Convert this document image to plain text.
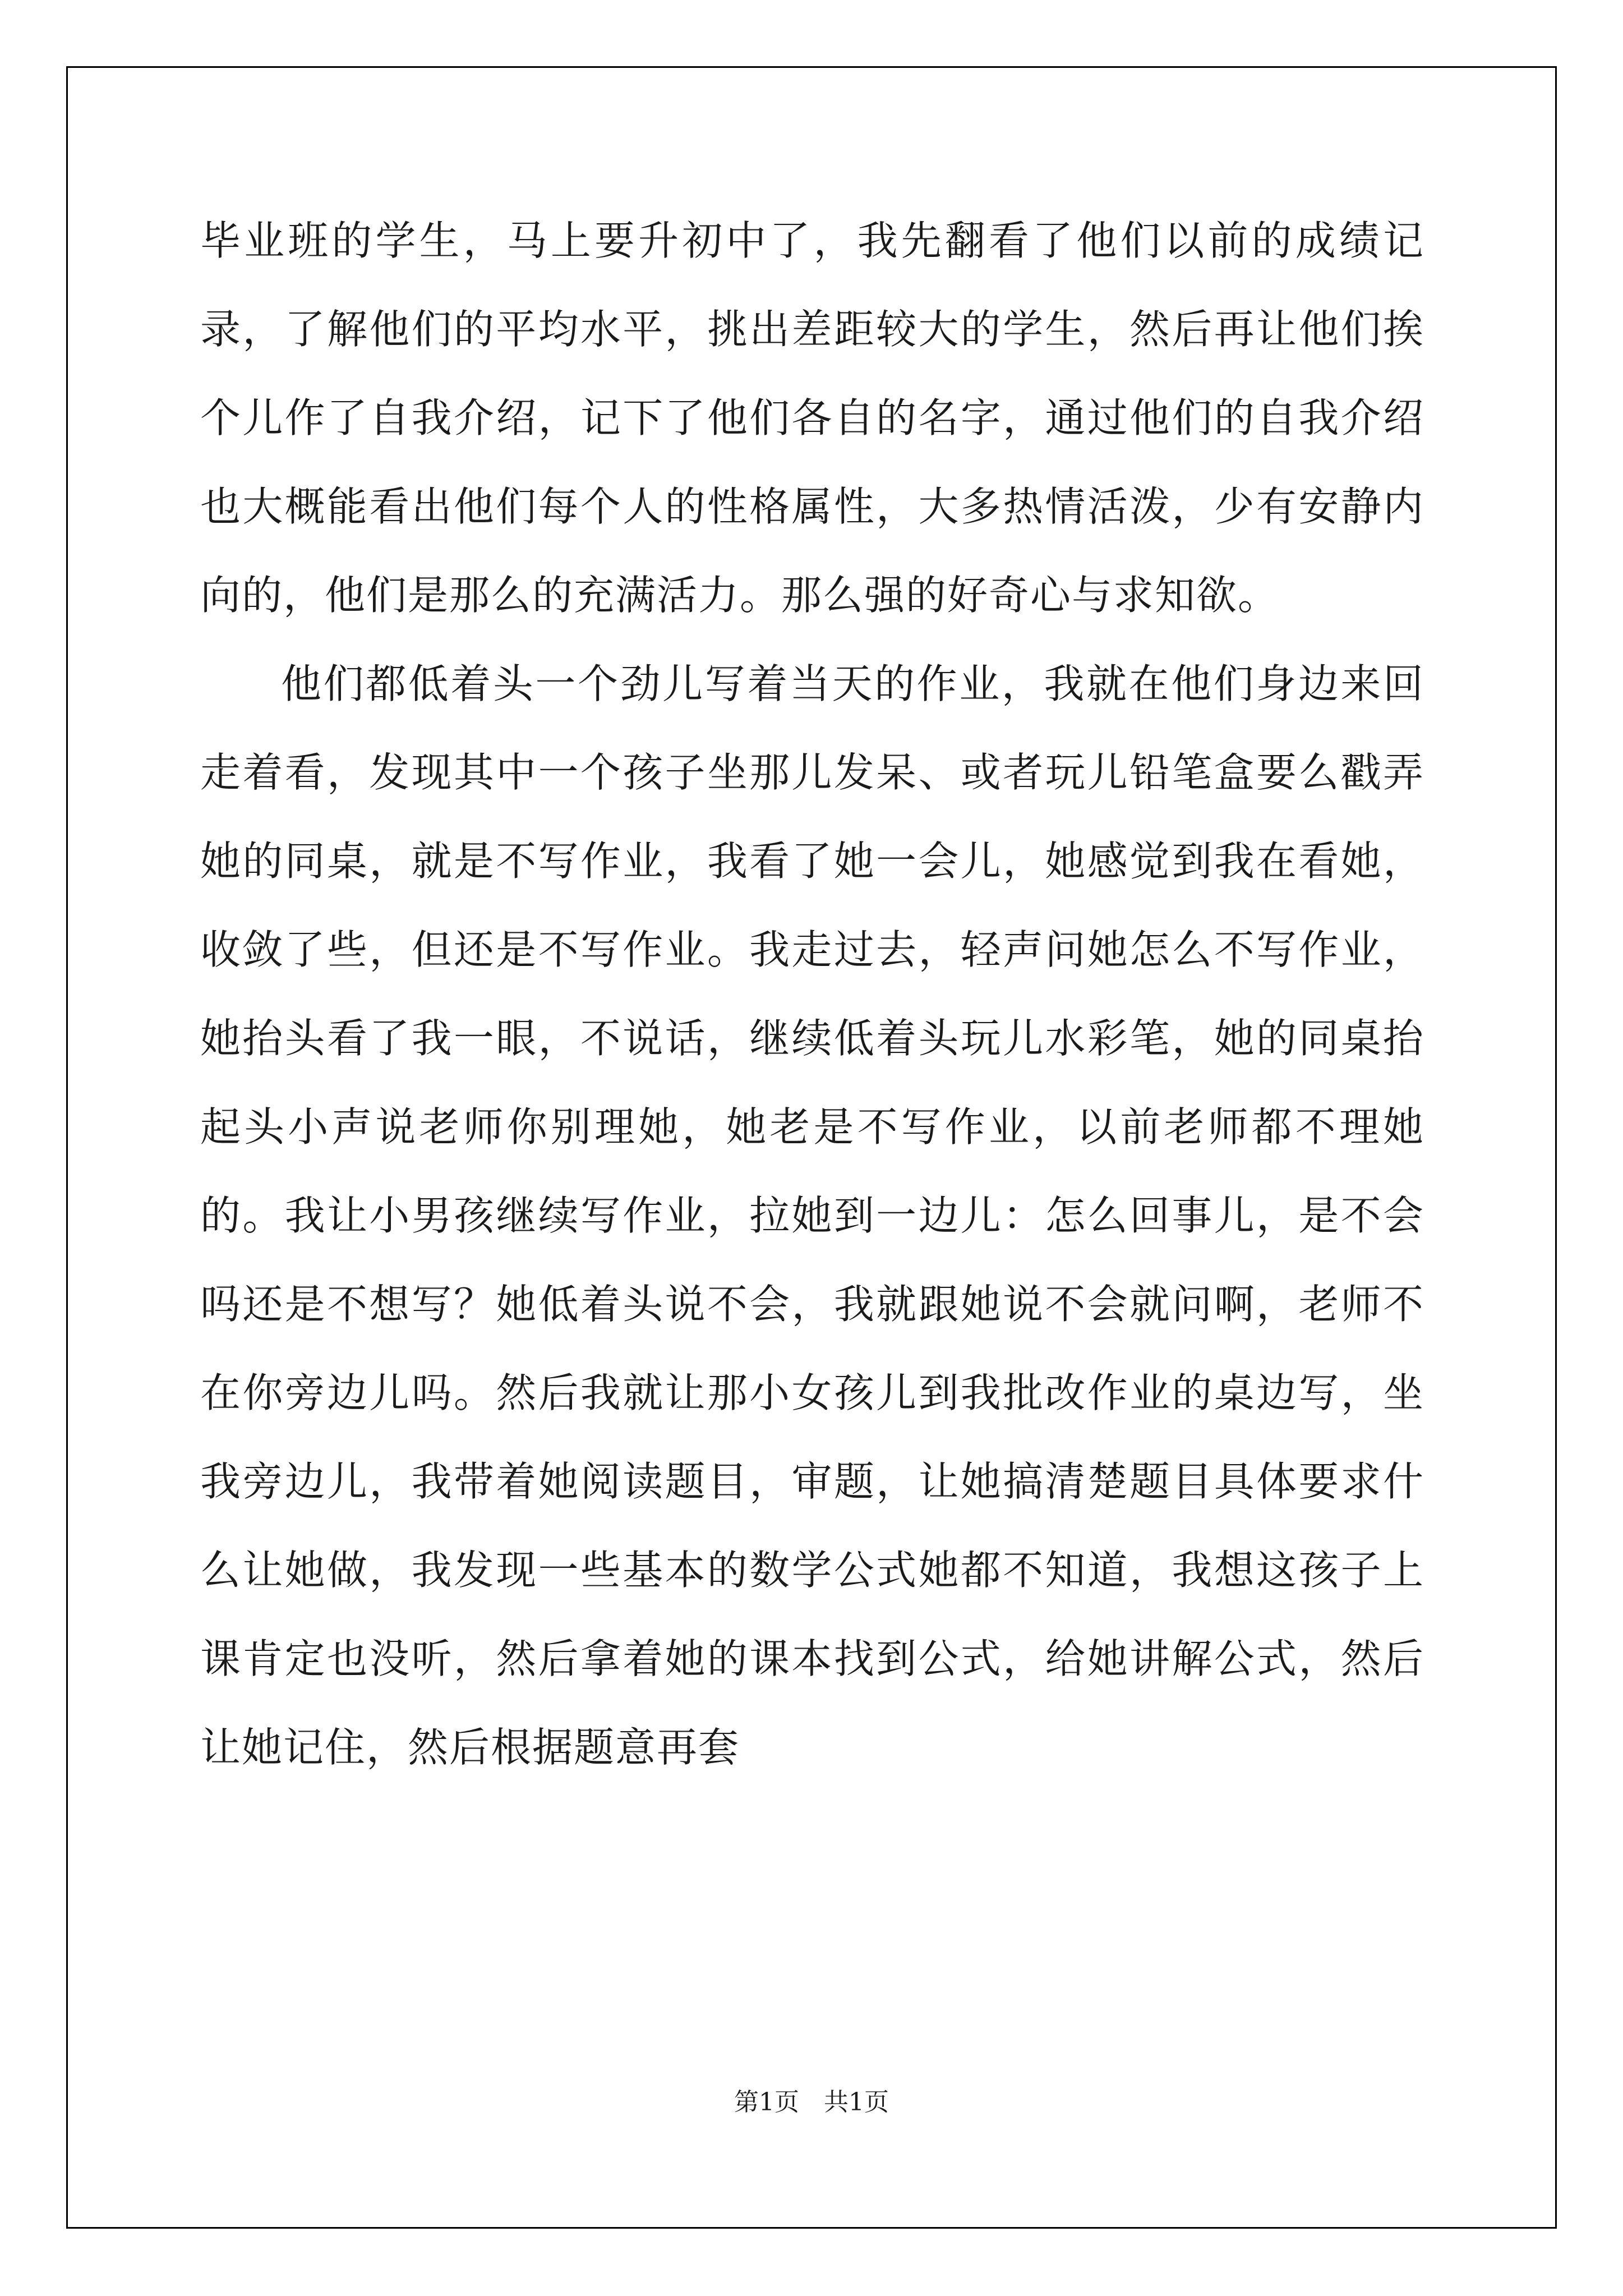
毕业班的学生，马上要升初中了，我先翻看了他们以前的成绩记录，了解他们的平均水平，挑出差距较大的学生，然后再让他们挨个儿作了自我介绍，记下了他们各自的名字，通过他们的自我介绍也大概能看出他们每个人的性格属性，大多热情活泼，少有安静内向的，他们是那么的充满活力。那么强的好奇心与求知欲。

他们都低着头一个劲儿写着当天的作业，我就在他们身边来回走着看，发现其中一个孩子坐那儿发呆、或者玩儿铅笔盒要么戳弄她的同桌，就是不写作业，我看了她一会儿，她感觉到我在看她，收敛了些，但还是不写作业。我走过去，轻声问她怎么不写作业，她抬头看了我一眼，不说话，继续低着头玩儿水彩笔，她的同桌抬起头小声说老师你别理她，她老是不写作业，以前老师都不理她的。我让小男孩继续写作业，拉她到一边儿：怎么回事儿，是不会吗还是不想写？她低着头说不会，我就跟她说不会就问啊，老师不在你旁边儿吗。然后我就让那小女孩儿到我批改作业的桌边写，坐我旁边儿，我带着她阅读题目，审题，让她搞清楚题目具体要求什么让她做，我发现一些基本的数学公式她都不知道，我想这孩子上课肯定也没听，然后拿着她的课本找到公式，给她讲解公式，然后让她记住，然后根据题意再套

第1页 共1页
